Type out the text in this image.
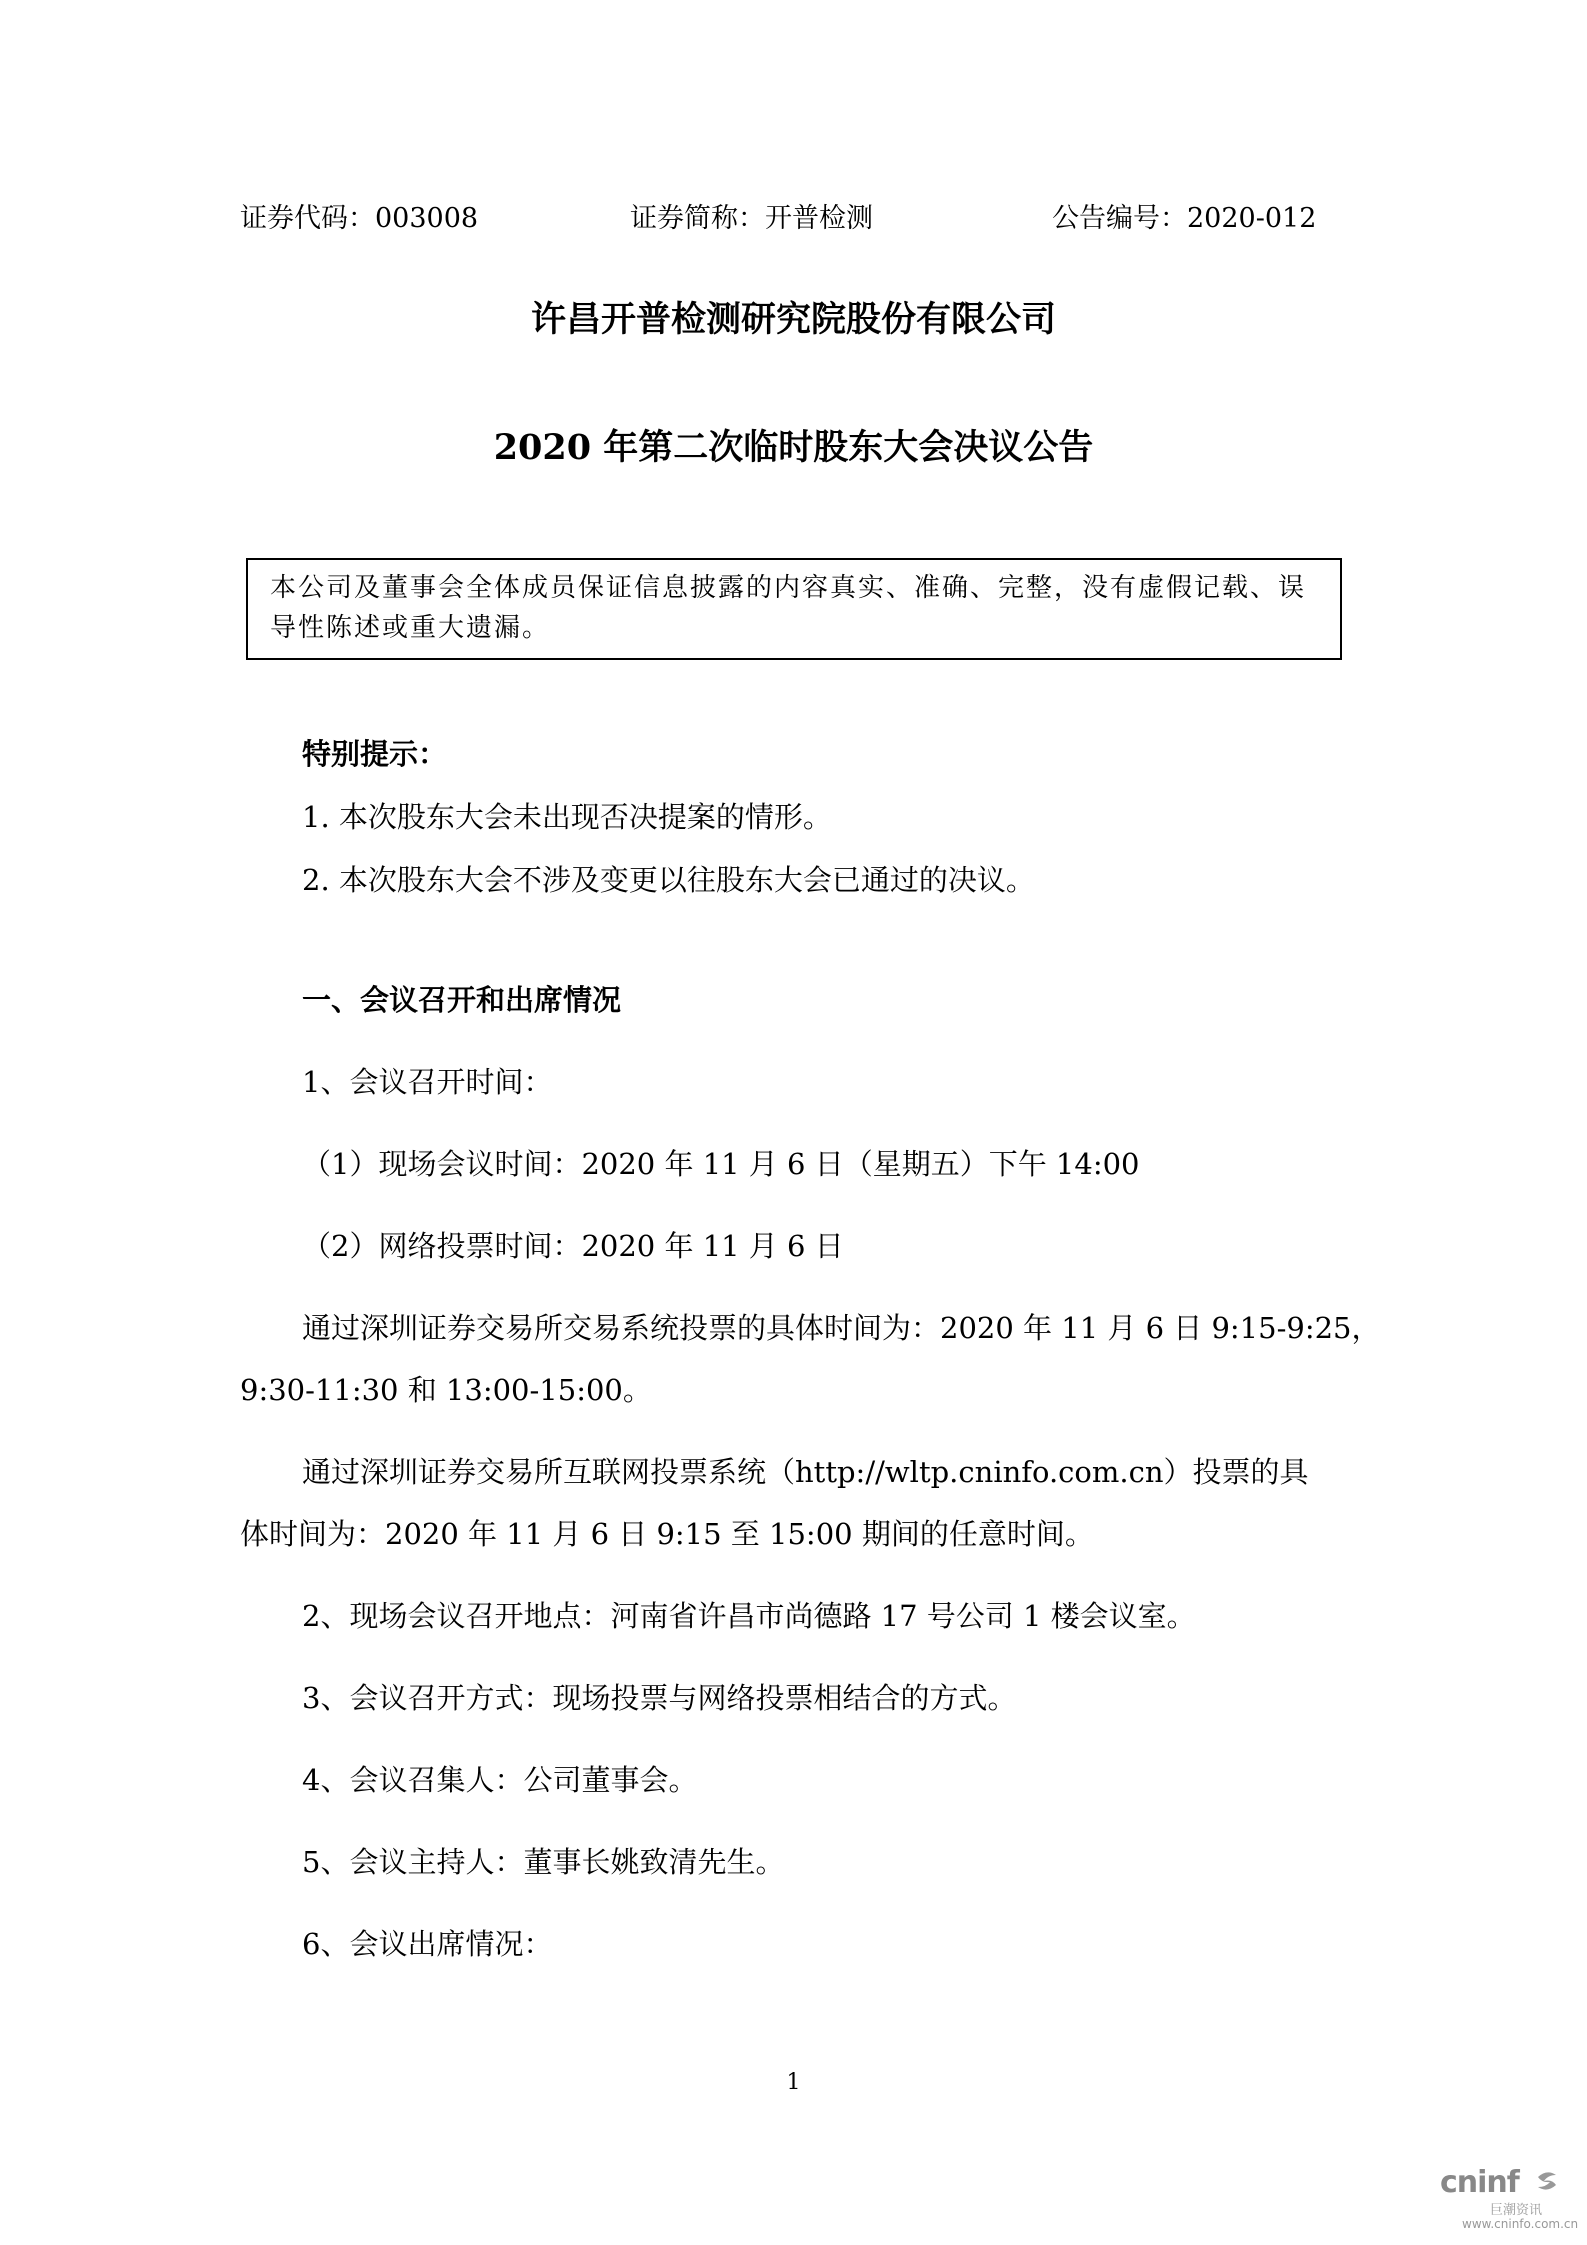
证券代码：003008	证券简称：开普检测	公告编号：2020-012
许昌开普检测研究院股份有限公司
2020 年第二次临时股东大会决议公告
本公司及董事会全体成员保证信息披露的内容真实、准确、完整，没有虚假记载、误导性陈述或重大遗漏。
特别提示：
1. 本次股东大会未出现否决提案的情形。
2. 本次股东大会不涉及变更以往股东大会已通过的决议。
一、会议召开和出席情况
1、会议召开时间：
（1）现场会议时间：2020 年 11 月 6 日（星期五）下午 14:00
（2）网络投票时间：2020 年 11 月 6 日
通过深圳证券交易所交易系统投票的具体时间为：2020 年 11 月 6 日 9:15-9:25，
9:30-11:30 和 13:00-15:00。
通过深圳证券交易所互联网投票系统（http://wltp.cninfo.com.cn）投票的具
体时间为：2020 年 11 月 6 日 9:15 至 15:00 期间的任意时间。
2、现场会议召开地点：河南省许昌市尚德路 17 号公司 1 楼会议室。
3、会议召开方式：现场投票与网络投票相结合的方式。
4、会议召集人：公司董事会。
5、会议主持人：董事长姚致清先生。
6、会议出席情况：
1
cninf
巨潮资讯
www.cninfo.com.cn
